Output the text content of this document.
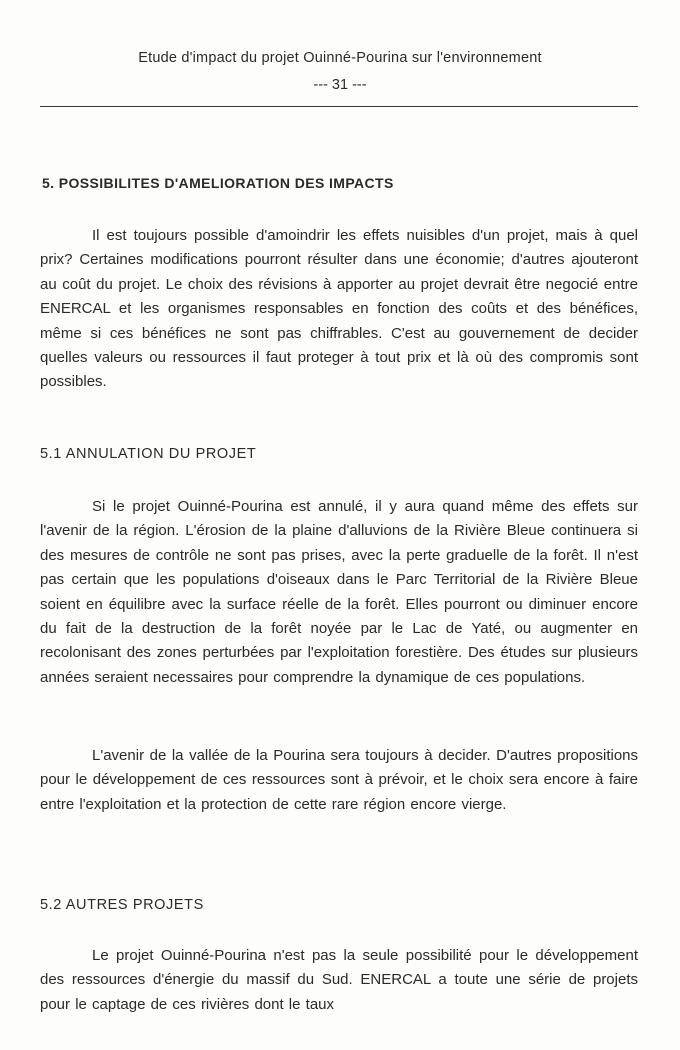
Etude d'impact du projet Ouinné-Pourina sur l'environnement
--- 31 ---
5. POSSIBILITES D'AMELIORATION DES IMPACTS

Il est toujours possible d'amoindrir les effets nuisibles d'un projet, mais à quel prix? Certaines modifications pourront résulter dans une économie; d'autres ajouteront au coût du projet. Le choix des révisions à apporter au projet devrait être negocié entre ENERCAL et les organismes responsables en fonction des coûts et des bénéfices, même si ces bénéfices ne sont pas chiffrables. C'est au gouvernement de decider quelles valeurs ou ressources il faut proteger à tout prix et là où des compromis sont possibles.

5.1 ANNULATION DU PROJET

Si le projet Ouinné-Pourina est annulé, il y aura quand même des effets sur l'avenir de la région. L'érosion de la plaine d'alluvions de la Rivière Bleue continuera si des mesures de contrôle ne sont pas prises, avec la perte graduelle de la forêt. Il n'est pas certain que les populations d'oiseaux dans le Parc Territorial de la Rivière Bleue soient en équilibre avec la surface réelle de la forêt. Elles pourront ou diminuer encore du fait de la destruction de la forêt noyée par le Lac de Yaté, ou augmenter en recolonisant des zones perturbées par l'exploitation forestière. Des études sur plusieurs années seraient necessaires pour comprendre la dynamique de ces populations.

L'avenir de la vallée de la Pourina sera toujours à decider. D'autres propositions pour le développement de ces ressources sont à prévoir, et le choix sera encore à faire entre l'exploitation et la protection de cette rare région encore vierge.

5.2 AUTRES PROJETS

Le projet Ouinné-Pourina n'est pas la seule possibilité pour le développement des ressources d'énergie du massif du Sud. ENERCAL a toute une série de projets pour le captage de ces rivières dont le taux
